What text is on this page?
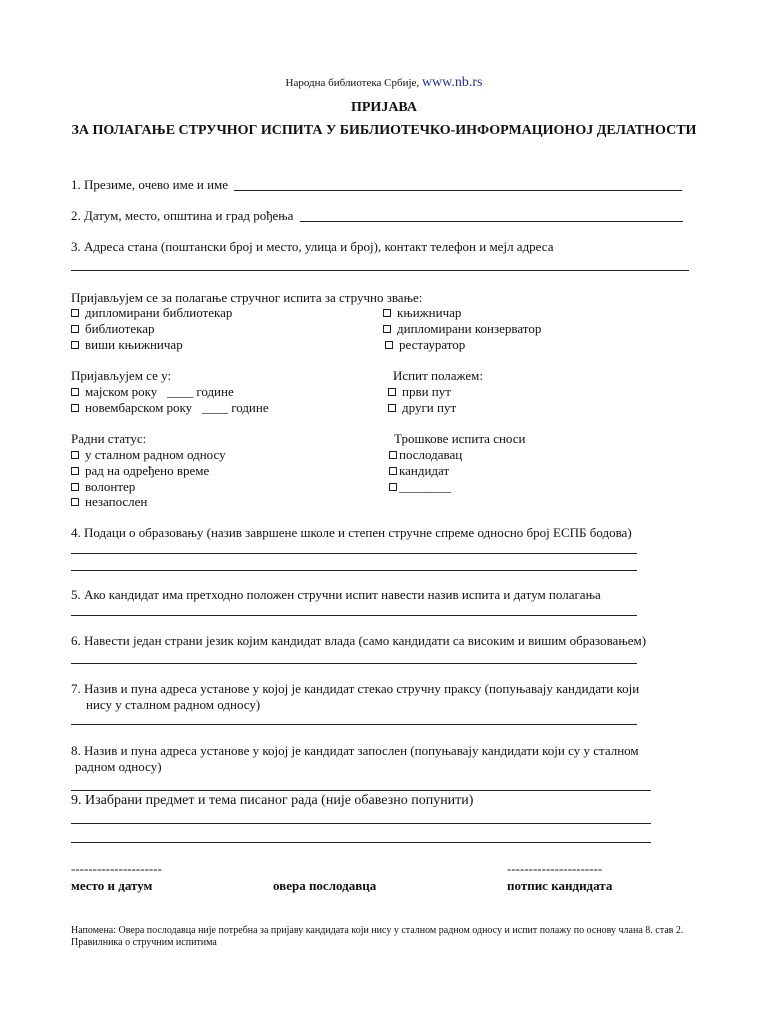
Народна библиотека Србије, www.nb.rs
ПРИЈАВА
ЗА ПОЛАГАЊЕ СТРУЧНОГ ИСПИТА У БИБЛИОТЕЧКО-ИНФОРМАЦИОНОЈ ДЕЛАТНОСТИ
1. Презиме, очево име и име
2. Датум, место, општина и град рођења
3. Адреса стана (поштански број и место, улица и број), контакт телефон и мејл адреса
Пријављујем се за полагање стручног испита за стручно звање:
дипломирани библиотекар
библиотекар
виши књижничар
књижничар
дипломирани конзерватор
рестауратор
Пријављујем се у:
мајском року ____ године
новембарском року ____ године
Испит полажем:
први пут
други пут
Радни статус:
у сталном радном односу
рад на одређено време
волонтер
незапослен
Трошкове испита сноси
послодавац
кандидат
________
4. Подаци о образовању (назив завршене школе и степен стручне спреме односно број ЕСПБ бодова)
5. Ако кандидат има претходно положен стручни испит навести назив испита и датум полагања
6. Навести један страни језик којим кандидат влада (само кандидати са високим и вишим образовањем)
7. Назив и пуна адреса установе у којој је кандидат стекао стручну праксу (попуњавају кандидати који
нису у сталном радном односу)
8. Назив и пуна адреса установе у којој је кандидат запослен (попуњавају кандидати који су у сталном
радном односу)
9. Изабрани предмет и тема писаног рада (није обавезно попунити)
---------------------	----------------------
место и датум	овера послодавца	потпис кандидата
Напомена: Овера послодавца није потребна за пријаву кандидата који нису у сталном радном односу и испит полажу по основу члана 8. став 2.
Правилника о стручним испитима
